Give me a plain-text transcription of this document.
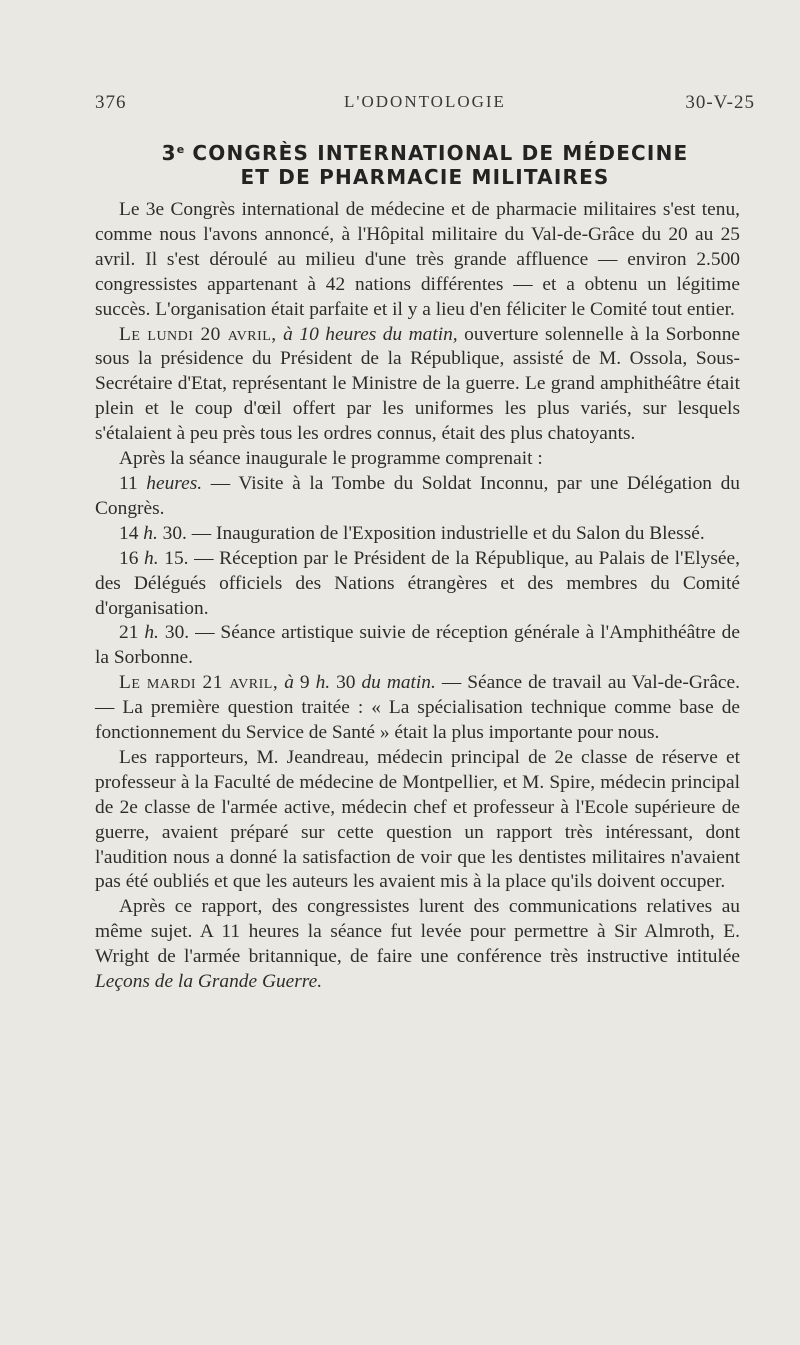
376	L'ODONTOLOGIE	30-V-25
3e CONGRÈS INTERNATIONAL DE MÉDECINE
ET DE PHARMACIE MILITAIRES

Le 3e Congrès international de médecine et de pharmacie militaires s'est tenu, comme nous l'avons annoncé, à l'Hôpital militaire du Val-de-Grâce du 20 au 25 avril. Il s'est déroulé au milieu d'une très grande affluence — environ 2.500 congressistes appartenant à 42 nations différentes — et a obtenu un légitime succès. L'organisation était parfaite et il y a lieu d'en féliciter le Comité tout entier.

Le lundi 20 avril, à 10 heures du matin, ouverture solennelle à la Sorbonne sous la présidence du Président de la République, assisté de M. Ossola, Sous-Secrétaire d'Etat, représentant le Ministre de la guerre. Le grand amphithéâtre était plein et le coup d'œil offert par les uniformes les plus variés, sur lesquels s'étalaient à peu près tous les ordres connus, était des plus chatoyants.

Après la séance inaugurale le programme comprenait :

11 heures. — Visite à la Tombe du Soldat Inconnu, par une Délégation du Congrès.

14 h. 30. — Inauguration de l'Exposition industrielle et du Salon du Blessé.

16 h. 15. — Réception par le Président de la République, au Palais de l'Elysée, des Délégués officiels des Nations étrangères et des membres du Comité d'organisation.

21 h. 30. — Séance artistique suivie de réception générale à l'Amphithéâtre de la Sorbonne.

Le mardi 21 avril, à 9 h. 30 du matin. — Séance de travail au Val-de-Grâce. — La première question traitée : « La spécialisation technique comme base de fonctionnement du Service de Santé » était la plus importante pour nous.

Les rapporteurs, M. Jeandreau, médecin principal de 2e classe de réserve et professeur à la Faculté de médecine de Montpellier, et M. Spire, médecin principal de 2e classe de l'armée active, médecin chef et professeur à l'Ecole supérieure de guerre, avaient préparé sur cette question un rapport très intéressant, dont l'audition nous a donné la satisfaction de voir que les dentistes militaires n'avaient pas été oubliés et que les auteurs les avaient mis à la place qu'ils doivent occuper.

Après ce rapport, des congressistes lurent des communications relatives au même sujet. A 11 heures la séance fut levée pour permettre à Sir Almroth, E. Wright de l'armée britannique, de faire une conférence très instructive intitulée Leçons de la Grande Guerre.
